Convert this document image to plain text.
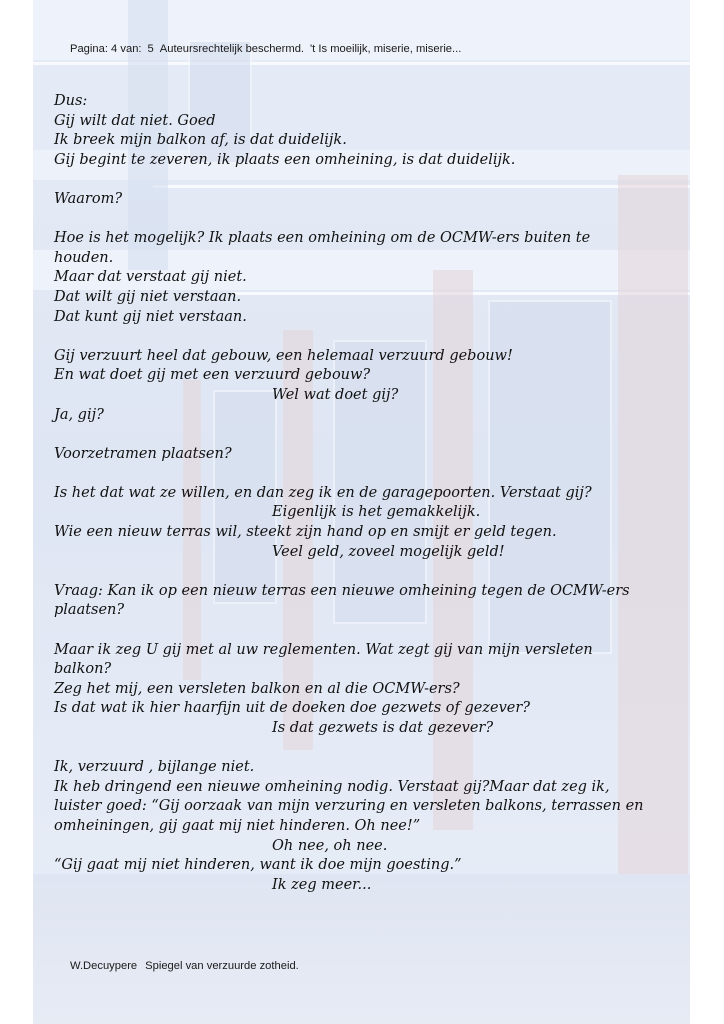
Pagina: 4 van: 5 Auteursrechtelijk beschermd. 't Is moeilijk, miserie, miserie...
Dus:
Gij wilt dat niet. Goed
Ik breek mijn balkon af, is dat duidelijk.
Gij begint te zeveren, ik plaats een omheining, is dat duidelijk.
Waarom?
Hoe is het mogelijk? Ik plaats een omheining om de OCMW-ers buiten te
houden.
Maar dat verstaat gij niet.
Dat wilt gij niet verstaan.
Dat kunt gij niet verstaan.
Gij verzuurt heel dat gebouw, een helemaal verzuurd gebouw!
En wat doet gij met een verzuurd gebouw?
Wel wat doet gij?
Ja, gij?
Voorzetramen plaatsen?
Is het dat wat ze willen, en dan zeg ik en de garagepoorten. Verstaat gij?
Eigenlijk is het gemakkelijk.
Wie een nieuw terras wil, steekt zijn hand op en smijt er geld tegen.
Veel geld, zoveel mogelijk geld!
Vraag: Kan ik op een nieuw terras een nieuwe omheining tegen de OCMW-ers
plaatsen?
Maar ik zeg U gij met al uw reglementen. Wat zegt gij van mijn versleten
balkon?
Zeg het mij, een versleten balkon en al die OCMW-ers?
Is dat wat ik hier haarfijn uit de doeken doe gezwets of gezever?
Is dat gezwets is dat gezever?
Ik, verzuurd , bijlange niet.
Ik heb dringend een nieuwe omheining nodig. Verstaat gij?Maar dat zeg ik,
luister goed: “Gij oorzaak van mijn verzuring en versleten balkons, terrassen en
omheiningen, gij gaat mij niet hinderen. Oh nee!”
Oh nee, oh nee.
“Gij gaat mij niet hinderen, want ik doe mijn goesting.”
Ik zeg meer...
W.Decuypere Spiegel van verzuurde zotheid.
